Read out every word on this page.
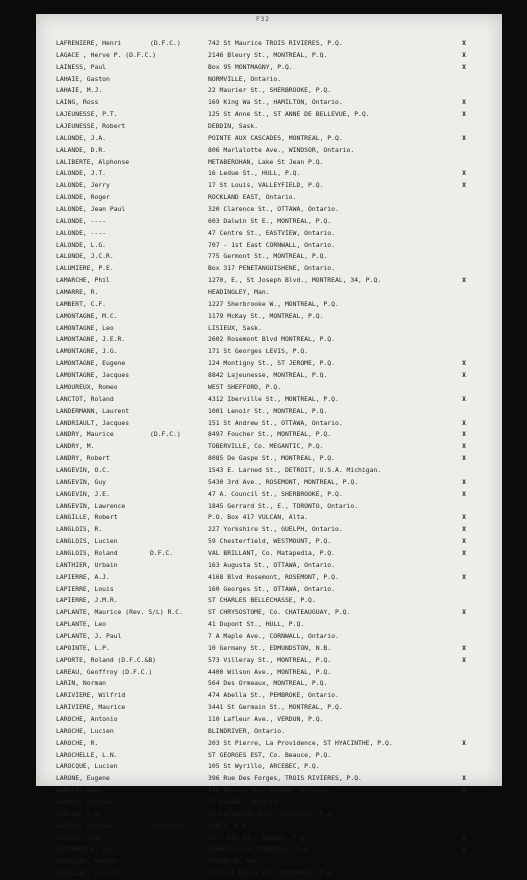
F32
LAFRENIERE, Henri	(D.F.C.)	742 St Maurice TROIS RIVIERES, P.Q.	X
LAGACE , Herve P. (D.F.C.)	2146 Bleury St., MONTREAL, P.Q.	X
LAINESS, Paul	Box 95 MONTMAGNY, P.Q.	X
LAHAIE, Gaston	NORMVILLE, Ontario.
LAHAIE, M.J.	22 Maurier St., SHERBROOKE, P.Q.
LAING, Ross	169 King Wa St., HAMILTON, Ontario.	X
LAJEUNESSE, P.T.	125 St Anne St., ST ANNE DE BELLEVUE, P.Q.	X
LAJEUNESSE, Robert	DEBDIN, Sask.
LALONDE, J.A.	POINTE AUX CASCADES, MONTREAL, P.Q.	X
LALANDE, D.R.	806 Marlalotte Ave., WINDSOR, Ontario.
LALIBERTE, Alphonse	METABEROHAN, Lake St Jean P.Q.
LALONDE, J.T.	16 Ledue St., HULL, P.Q.	X
LALONDE, Jerry	17 St Louis, VALLEYFIELD, P.Q.	X
LALONDE, Roger	ROCKLAND EAST, Ontario.
LALONDE, Jean Paul	320 Clarence St., OTTAWA, Ontario.
LALONDE, ----	603 Dalwin St E., MONTREAL, P.Q.
LALONDE, ----	47 Centre St., EASTVIEW, Ontario.
LALONDE, L.G.	707 - 1st East CORNWALL, Ontario.
LALONDE, J.C.R.	775 Germont St., MONTREAL, P.Q.
LALUMIERE, P.E.	Box 317 PENETANGUISHENE, Ontario.
LAMARCHE, Phil	1270, E., St Joseph Blvd., MONTREAL, 34, P.Q.	X
LAMARRE, R.	HEADINGLEY, Man.
LAMBERT, C.F.	1227 Sherbrooke W., MONTREAL, P.Q.
LAMONTAGNE, M.C.	1179 McKay St., MONTREAL, P.Q.
LAMONTAGNE, Leo	LISIEUX, Sask.
LAMONTAGNE, J.E.R.	2602 Rosemont Blvd MONTREAL, P.Q.
LAMONTAGNE, J.G.	171 St Georges LEVIS, P.Q.
LAMONTAGNE, Eugene	124 Montigny St., ST JEROME, P.Q.	X
LAMONTAGNE, Jacques	8842 Lajeunesse, MONTREAL, P.Q.	X
LAMOUREUX, Romeo	WEST SHEFFORD, P.Q.
LANCTOT, Roland	4312 Iberville St., MONTREAL, P.Q.	X
LANDERMANN, Laurent	1001 Lenoir St., MONTREAL, P.Q.
LANDRIAULT, Jacques	151 St Andrew St., OTTAWA, Ontario.	X
LANDRY, Maurice	(D.F.C.)	8497 Foucher St., MONTREAL, P.Q.	X
LANDRY, M.	TOBERVILLE, Co. MEGANTIC, P.Q.	X
LANDRY, Robert	8085 De Gaspe St., MONTREAL, P.Q.	X
LANGEVIN, O.C.	1543 E. Larned St., DETROIT, U.S.A. Michigan.
LANGEVIN, Guy	5430 3rd Ave., ROSEMONT, MONTREAL, P.Q.	X
LANGEVIN, J.E.	47 A. Council St., SHERBROOKE, P.Q.	X
LANGEVIN, Lawrence	1845 Gerrard St., E., TORONTO, Ontario.
LANGILLE, Robert	P.O. Box 417 VULCAN, Alta.	X
LANGLOIS, R.	227 Yorkshire St., GUELPH, Ontario.	X
LANGLOIS, Lucien	59 Chesterfield, WESTMOUNT, P.Q.	X
LANGLOIS, Roland	D.F.C.	VAL BRILLANT, Co. Matapedia, P.Q.	X
LANTHIER, Urbain	163 Augusta St., OTTAWA, Ontario.
LAPIERRE, A.J.	4168 Blvd Rosemont, ROSEMONT, P.Q.	X
LAPIERRE, Louis	160 Georges St., OTTAWA, Ontario.
LAPIERRE, J.M.R.	ST CHARLES BELLECHASSE, P.Q.
LAPLANTE, Maurice (Rev. S/L) R.C.	ST CHRYSOSTOME, Co. CHATEAUGUAY, P.Q.	X
LAPLANTE, Leo	41 Dupont St., HULL, P.Q.
LAPLANTE, J. Paul	7 A Maple Ave., CORNWALL, Ontario.
LAPOINTE, L.P.	10 Germany St., EDMUNDSTON, N.B.	X
LAPORTE, Roland (D.F.C.&B)	573 Villeray St., MONTREAL, P.Q.	X
LAREAU, Geoffroy (D.F.C.)	4400 Wilson Ave., MONTREAL, P.Q.
LARIN, Norman	564 Des Ormeaux, MONTREAL, P.Q.
LARIVIERE, Wilfrid	474 Abella St., PEMBROKE, Ontario.
LARIVIERE, Maurice	3441 St Germain St., MONTREAL, P.Q.
LAROCHE, Antonio	110 Lafleur Ave., VERDUN, P.Q.
LAROCHE, Lucien	BLINDRIVER, Ontario.
LAROCHE, R.	203 St Pierre, La Providence, ST HYACINTHE, P.Q.	X
LAROCHELLE, L.N.	ST GEORGES EST, Co. Beauce, P.Q.
LAROCQUE, Lucien	105 St Wyrillo, ARCEBEC, P.Q.
LARONE, Eugene	396 Rue Des Forges, TROIS RIVIERES, P.Q.	X
LAROSE, Geo	148 Nelson St., OTTAWA, Ontario.	X
LAROSE, Charles	ST EUGENE, Ontario.
LARSON, O.A.	52 Lafayette Ave., MONTREAL, P.Q.
LATOUR, Antoine	(Dentiste)	SOREL, P.Q.
LATOUR, Jean	71 - 6th St., QUEBEC, P.Q.	X
LATOURELLE, Guy	5068 Rivard, MONTREAL, P.Q.	X
LAVALLEE, Herman	STARBUCK, Man.
LAVALLEE, Laurent	1251 St Denis St., MONTREAL, P.Q.
